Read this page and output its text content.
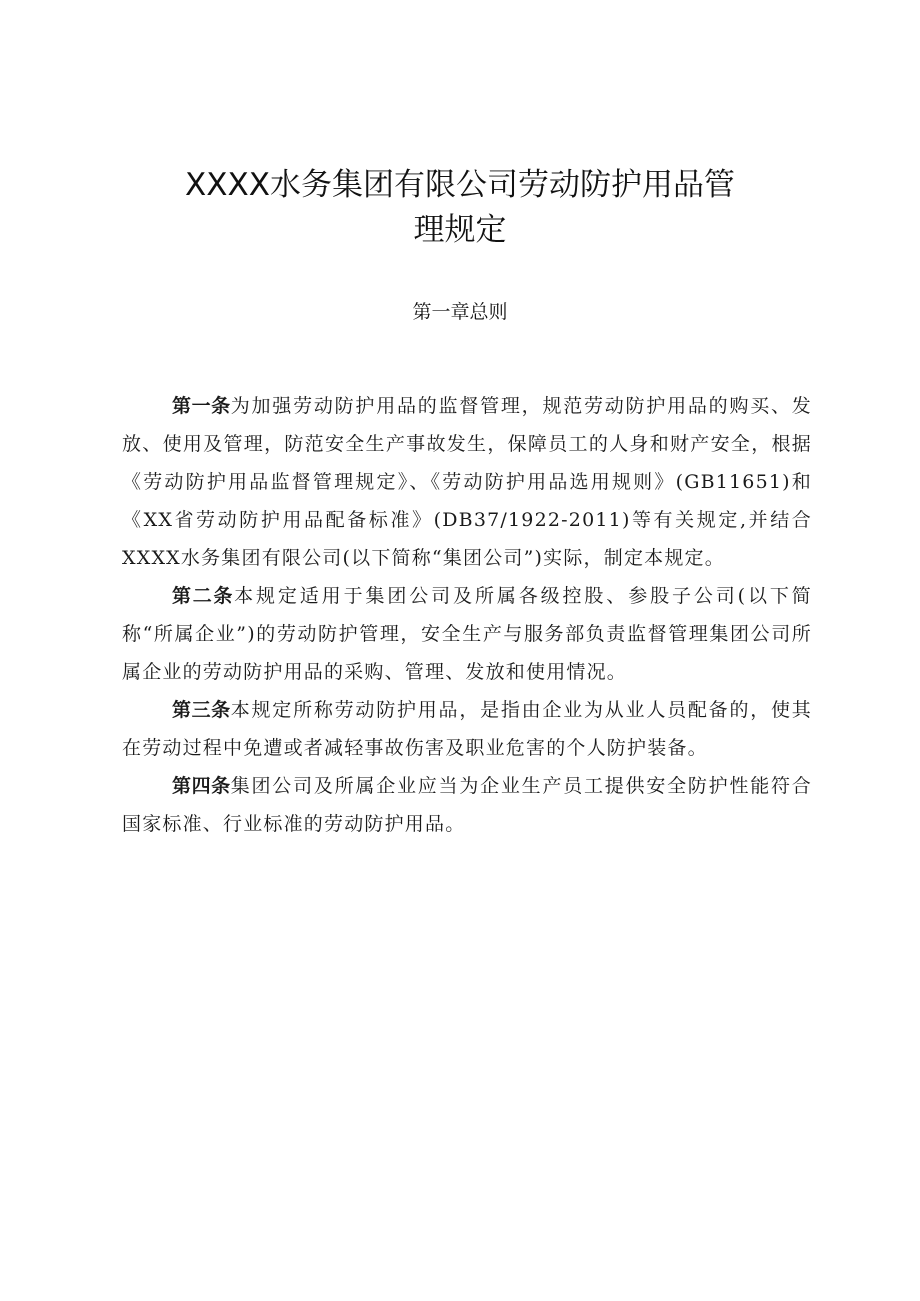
XXXX水务集团有限公司劳动防护用品管
理规定
第一章总则

第一条为加强劳动防护用品的监督管理，规范劳动防护用品的购买、发放、使用及管理，防范安全生产事故发生，保障员工的人身和财产安全，根据《劳动防护用品监督管理规定》、《劳动防护用品选用规则》(GB11651)和《XX省劳动防护用品配备标准》(DB37/1922-2011)等有关规定,并结合XXXX水务集团有限公司(以下简称“集团公司”)实际，制定本规定。

第二条本规定适用于集团公司及所属各级控股、参股子公司(以下简称“所属企业”)的劳动防护管理，安全生产与服务部负责监督管理集团公司所属企业的劳动防护用品的采购、管理、发放和使用情况。

第三条本规定所称劳动防护用品，是指由企业为从业人员配备的，使其在劳动过程中免遭或者减轻事故伤害及职业危害的个人防护装备。

第四条集团公司及所属企业应当为企业生产员工提供安全防护性能符合国家标准、行业标准的劳动防护用品。
